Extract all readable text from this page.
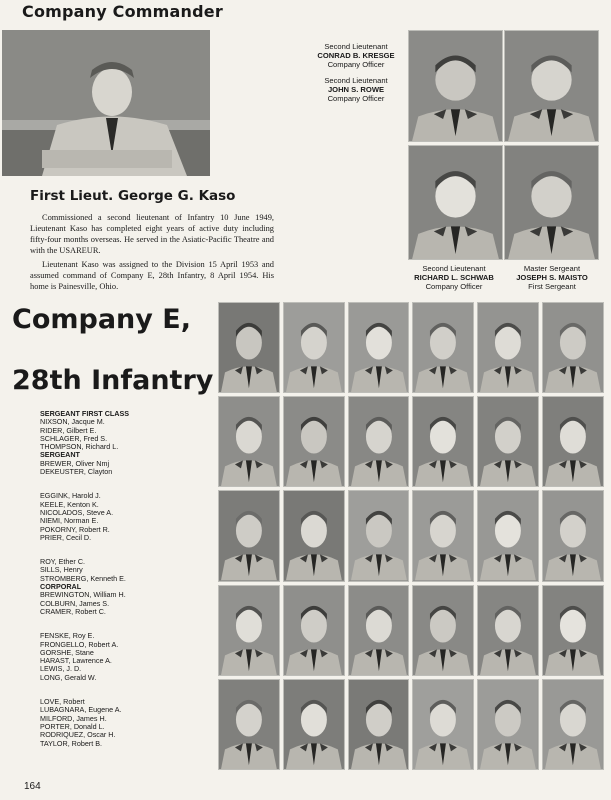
Company Commander
First Lieut. George G. Kaso

Commissioned a second lieutenant of Infantry 10 June 1949, Lieutenant Kaso has completed eight years of active duty including fifty-four months overseas. He served in the Asiatic-Pacific Theatre and with the USAREUR.

Lieutenant Kaso was assigned to the Division 15 April 1953 and assumed command of Company E, 28th Infantry, 8 April 1954. His home is Painesville, Ohio.

Second Lieutenant
CONRAD B. KRESGE
Company Officer
Second Lieutenant
JOHN S. ROWE
Company Officer
Second Lieutenant
RICHARD L. SCHWAB
Company Officer
Master Sergeant
JOSEPH S. MAISTO
First Sergeant
Company E,
28th Infantry
SERGEANT FIRST CLASS
NIXSON, Jacque M.
RIDER, Gilbert E.
SCHLAGER, Fred S.
THOMPSON, Richard L.
SERGEANT
BREWER, Oliver Nmj
DEKEUSTER, Clayton
EGGINK, Harold J.
KEELE, Kenton K.
NICOLADOS, Steve A.
NIEMI, Norman E.
POKORNY, Robert R.
PRIER, Cecil D.
ROY, Ether C.
SILLS, Henry
STROMBERG, Kenneth E.
CORPORAL
BREWINGTON, William H.
COLBURN, James S.
CRAMER, Robert C.
FENSKE, Roy E.
FRONGELLO, Robert A.
GORSHE, Stane
HARAST, Lawrence A.
LEWIS, J. D.
LONG, Gerald W.
LOVE, Robert
LUBAGNARA, Eugene A.
MILFORD, James H.
PORTER, Donald L.
RODRIQUEZ, Oscar H.
TAYLOR, Robert B.
164
